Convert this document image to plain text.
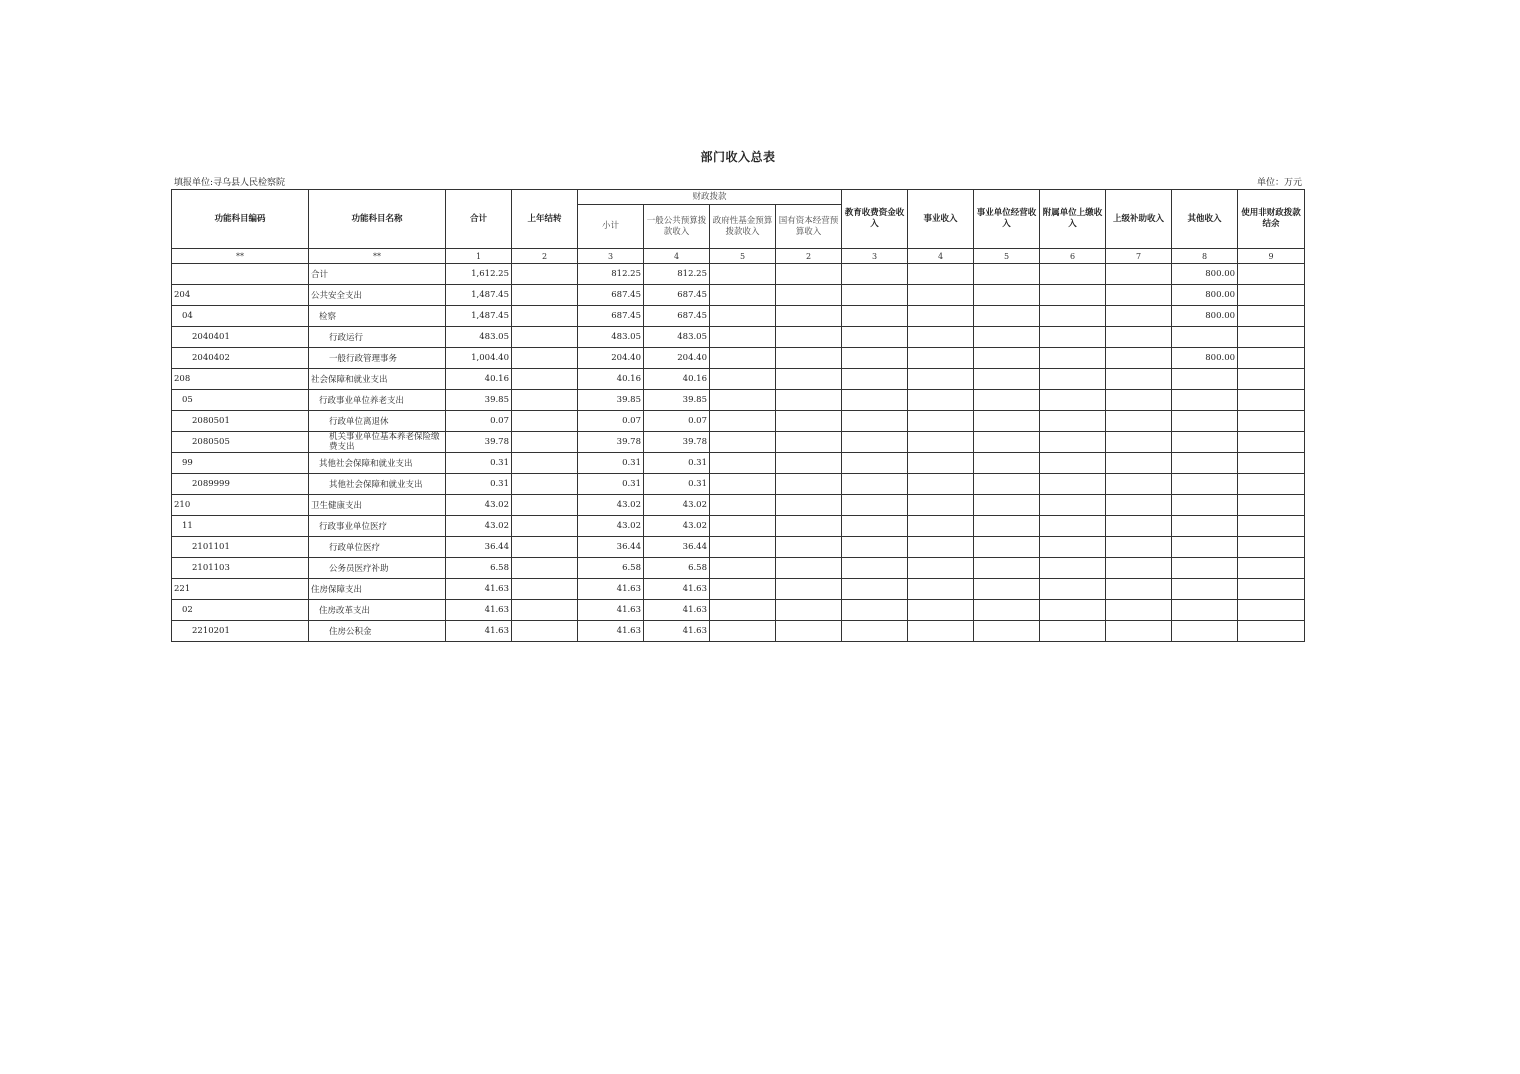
部门收入总表
填报单位:寻乌县人民检察院	单位：万元
功能科目编码	功能科目名称	合计	上年结转	财政拨款				教育收费资金收入	事业收入	事业单位经营收入	附属单位上缴收入	上级补助收入	其他收入	使用非财政拨款结余
				小计	一般公共预算拨款收入	政府性基金预算拨款收入	国有资本经营预算收入							
**	**	1	2	3	4	5	2	3	4	5	6	7	8	9
	合计	1,612.25		812.25	812.25								800.00	
204	公共安全支出	1,487.45		687.45	687.45								800.00	
04	检察	1,487.45		687.45	687.45								800.00	
2040401	行政运行	483.05		483.05	483.05									
2040402	一般行政管理事务	1,004.40		204.40	204.40								800.00	
208	社会保障和就业支出	40.16		40.16	40.16									
05	行政事业单位养老支出	39.85		39.85	39.85									
2080501	行政单位离退休	0.07		0.07	0.07									
2080505	机关事业单位基本养老保险缴费支出	39.78		39.78	39.78									
99	其他社会保障和就业支出	0.31		0.31	0.31									
2089999	其他社会保障和就业支出	0.31		0.31	0.31									
210	卫生健康支出	43.02		43.02	43.02									
11	行政事业单位医疗	43.02		43.02	43.02									
2101101	行政单位医疗	36.44		36.44	36.44									
2101103	公务员医疗补助	6.58		6.58	6.58									
221	住房保障支出	41.63		41.63	41.63									
02	住房改革支出	41.63		41.63	41.63									
2210201	住房公积金	41.63		41.63	41.63									
